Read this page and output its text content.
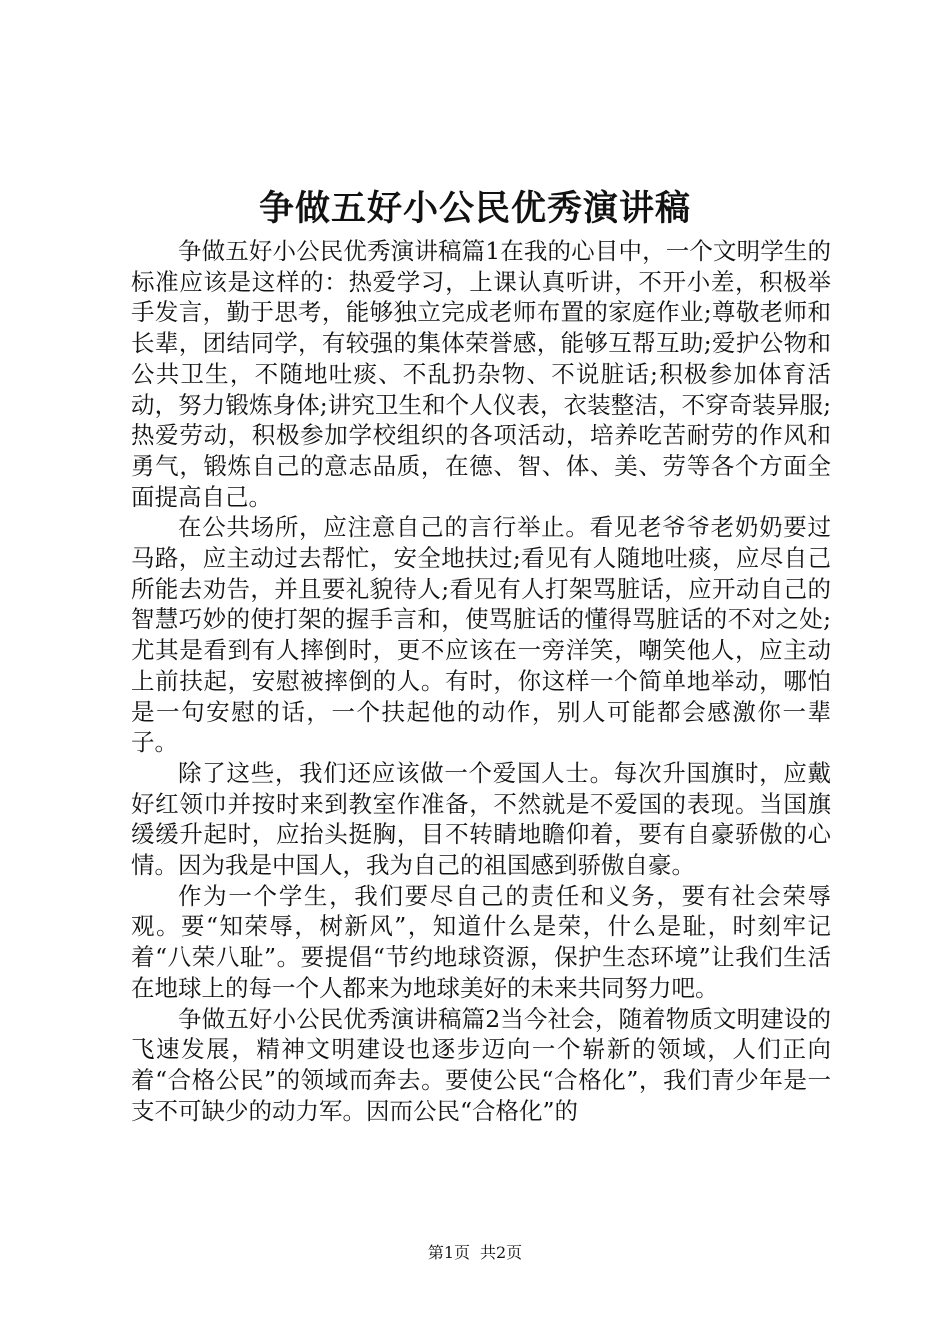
争做五好小公民优秀演讲稿

争做五好小公民优秀演讲稿篇1在我的心目中，一个文明学生的标准应该是这样的：热爱学习，上课认真听讲，不开小差，积极举手发言，勤于思考，能够独立完成老师布置的家庭作业;尊敬老师和长辈，团结同学，有较强的集体荣誉感，能够互帮互助;爱护公物和公共卫生，不随地吐痰、不乱扔杂物、不说脏话;积极参加体育活动，努力锻炼身体;讲究卫生和个人仪表，衣装整洁，不穿奇装异服;热爱劳动，积极参加学校组织的各项活动，培养吃苦耐劳的作风和勇气，锻炼自己的意志品质，在德、智、体、美、劳等各个方面全面提高自己。

在公共场所，应注意自己的言行举止。看见老爷爷老奶奶要过马路，应主动过去帮忙，安全地扶过;看见有人随地吐痰，应尽自己所能去劝告，并且要礼貌待人;看见有人打架骂脏话，应开动自己的智慧巧妙的使打架的握手言和，使骂脏话的懂得骂脏话的不对之处;尤其是看到有人摔倒时，更不应该在一旁洋笑，嘲笑他人，应主动上前扶起，安慰被摔倒的人。有时，你这样一个简单地举动，哪怕是一句安慰的话，一个扶起他的动作，别人可能都会感激你一辈子。

除了这些，我们还应该做一个爱国人士。每次升国旗时，应戴好红领巾并按时来到教室作准备，不然就是不爱国的表现。当国旗缓缓升起时，应抬头挺胸，目不转睛地瞻仰着，要有自豪骄傲的心情。因为我是中国人，我为自己的祖国感到骄傲自豪。

作为一个学生，我们要尽自己的责任和义务，要有社会荣辱观。要“知荣辱，树新风”，知道什么是荣，什么是耻，时刻牢记着“八荣八耻”。要提倡“节约地球资源，保护生态环境”让我们生活在地球上的每一个人都来为地球美好的未来共同努力吧。

争做五好小公民优秀演讲稿篇2当今社会，随着物质文明建设的飞速发展，精神文明建设也逐步迈向一个崭新的领域，人们正向着“合格公民”的领域而奔去。要使公民“合格化”，我们青少年是一支不可缺少的动力军。因而公民“合格化”的

第1页 共2页
